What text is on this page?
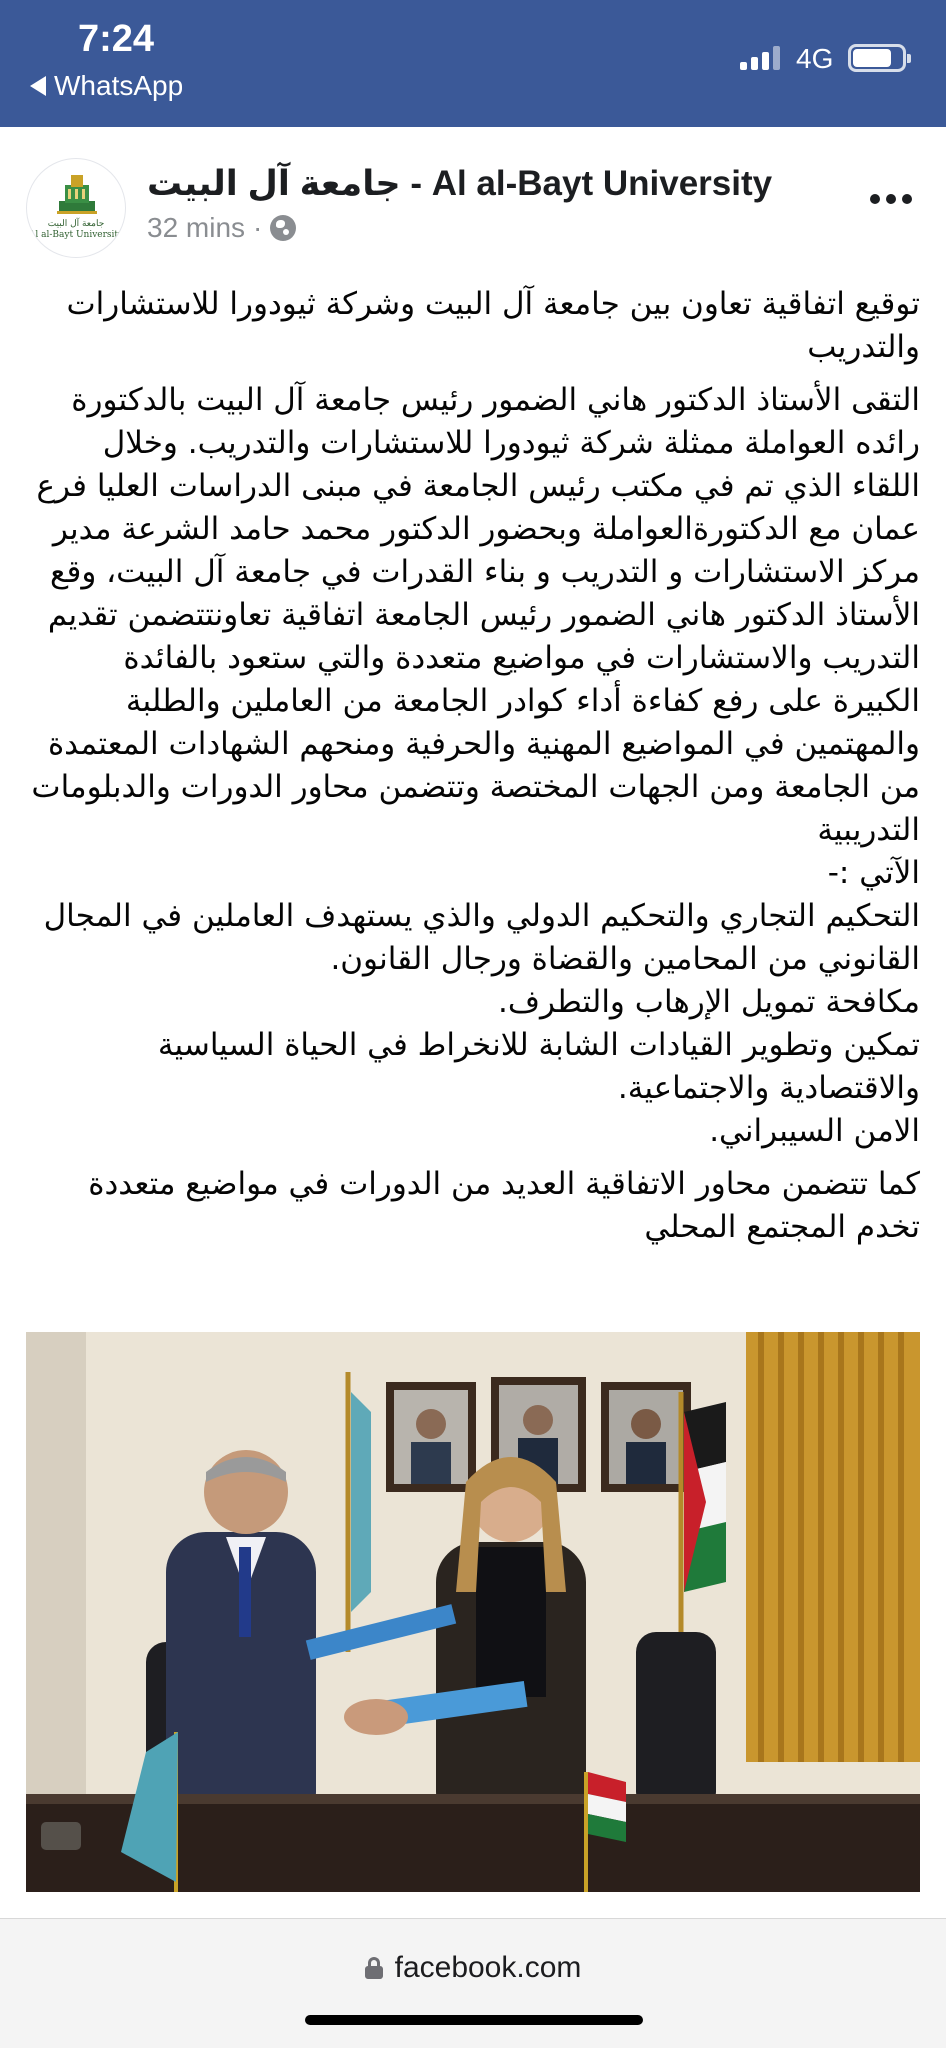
7:24
WhatsApp
4G
جامعة آل البيت
Al al-Bayt University
جامعة آل البيت - Al al-Bayt University
32 mins ·

توقيع اتفاقية تعاون بين جامعة آل البيت وشركة ثيودورا للاستشارات والتدريب

التقى الأستاذ الدكتور هاني الضمور رئيس جامعة آل البيت بالدكتورة رائده العواملة ممثلة شركة ثيودورا للاستشارات والتدريب. وخلال اللقاء الذي تم في مكتب رئيس الجامعة في مبنى الدراسات العليا فرع عمان مع الدكتورةالعواملة وبحضور الدكتور محمد حامد الشرعة مدير مركز الاستشارات و التدريب و بناء القدرات في جامعة آل البيت، وقع الأستاذ الدكتور هاني الضمور رئيس الجامعة اتفاقية تعاونتتضمن تقديم التدريب والاستشارات في مواضيع متعددة والتي ستعود بالفائدة الكبيرة على رفع كفاءة أداء كوادر الجامعة من العاملين والطلبة والمهتمين في المواضيع المهنية والحرفية ومنحهم الشهادات المعتمدة من الجامعة ومن الجهات المختصة وتتضمن محاور الدورات والدبلومات التدريبية
الآتي :-
التحكيم التجاري والتحكيم الدولي والذي يستهدف العاملين في المجال القانوني من المحامين والقضاة ورجال القانون.
مكافحة تمويل الإرهاب والتطرف.
تمكين وتطوير القيادات الشابة للانخراط في الحياة السياسية والاقتصادية والاجتماعية.
الامن السيبراني.

كما تتضمن محاور الاتفاقية العديد من الدورات في مواضيع متعددة تخدم المجتمع المحلي

facebook.com
